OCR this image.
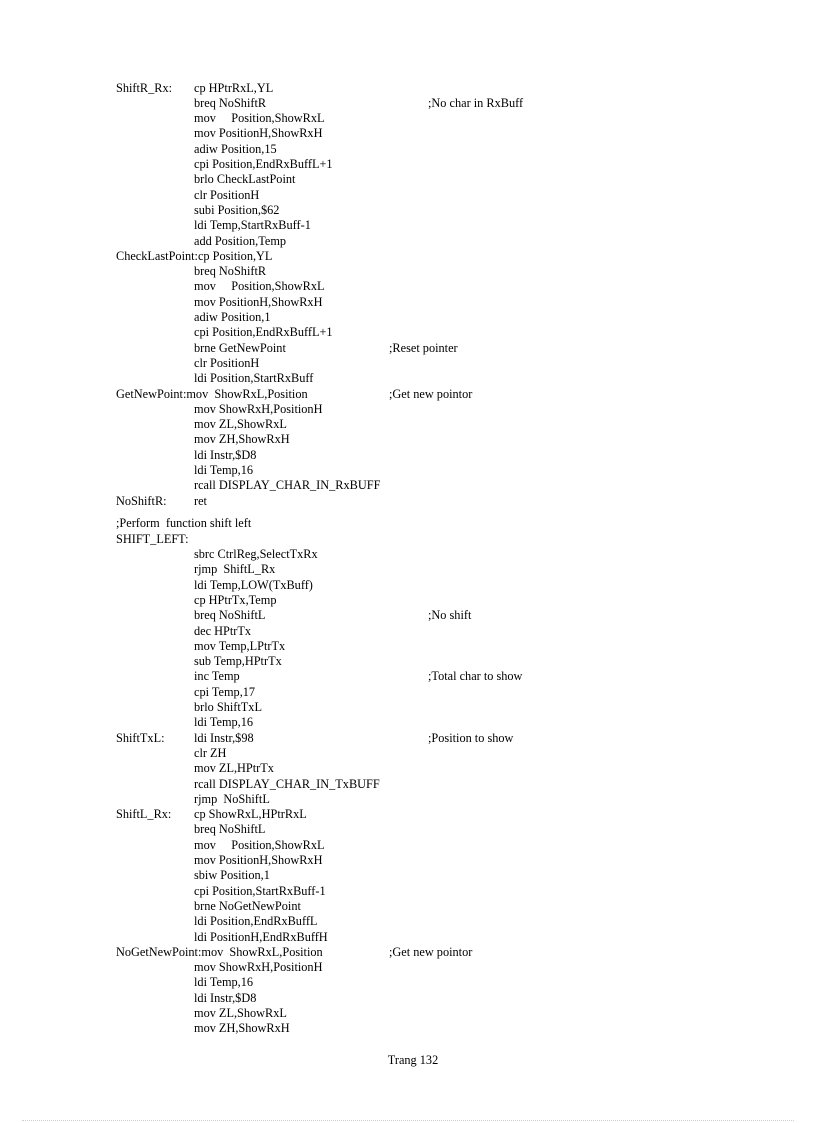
ShiftR_Rx: cp HPtrRxL,YL
breq NoShiftR	;No char in RxBuff
mov     Position,ShowRxL
mov PositionH,ShowRxH
adiw Position,15
cpi Position,EndRxBuffL+1
brlo CheckLastPoint
clr PositionH
subi Position,$62
ldi Temp,StartRxBuff-1
add Position,Temp
CheckLastPoint:cp Position,YL
breq NoShiftR
mov     Position,ShowRxL
mov PositionH,ShowRxH
adiw Position,1
cpi Position,EndRxBuffL+1
brne GetNewPoint	;Reset pointer
clr PositionH
ldi Position,StartRxBuff
GetNewPoint:mov  ShowRxL,Position	;Get new pointor
mov ShowRxH,PositionH
mov ZL,ShowRxL
mov ZH,ShowRxH
ldi Instr,$D8
ldi Temp,16
rcall DISPLAY_CHAR_IN_RxBUFF
NoShiftR: ret
;Perform  function shift left
SHIFT_LEFT:
sbrc CtrlReg,SelectTxRx
rjmp  ShiftL_Rx
ldi Temp,LOW(TxBuff)
cp HPtrTx,Temp
breq NoShiftL	;No shift
dec HPtrTx
mov Temp,LPtrTx
sub Temp,HPtrTx
inc Temp	;Total char to show
cpi Temp,17
brlo ShiftTxL
ldi Temp,16
ShiftTxL: ldi Instr,$98	;Position to show
clr ZH
mov ZL,HPtrTx
rcall DISPLAY_CHAR_IN_TxBUFF
rjmp  NoShiftL
ShiftL_Rx: cp ShowRxL,HPtrRxL
breq NoShiftL
mov     Position,ShowRxL
mov PositionH,ShowRxH
sbiw Position,1
cpi Position,StartRxBuff-1
brne NoGetNewPoint
ldi Position,EndRxBuffL
ldi PositionH,EndRxBuffH
NoGetNewPoint:mov  ShowRxL,Position	;Get new pointor
mov ShowRxH,PositionH
ldi Temp,16
ldi Instr,$D8
mov ZL,ShowRxL
mov ZH,ShowRxH
Trang 132
